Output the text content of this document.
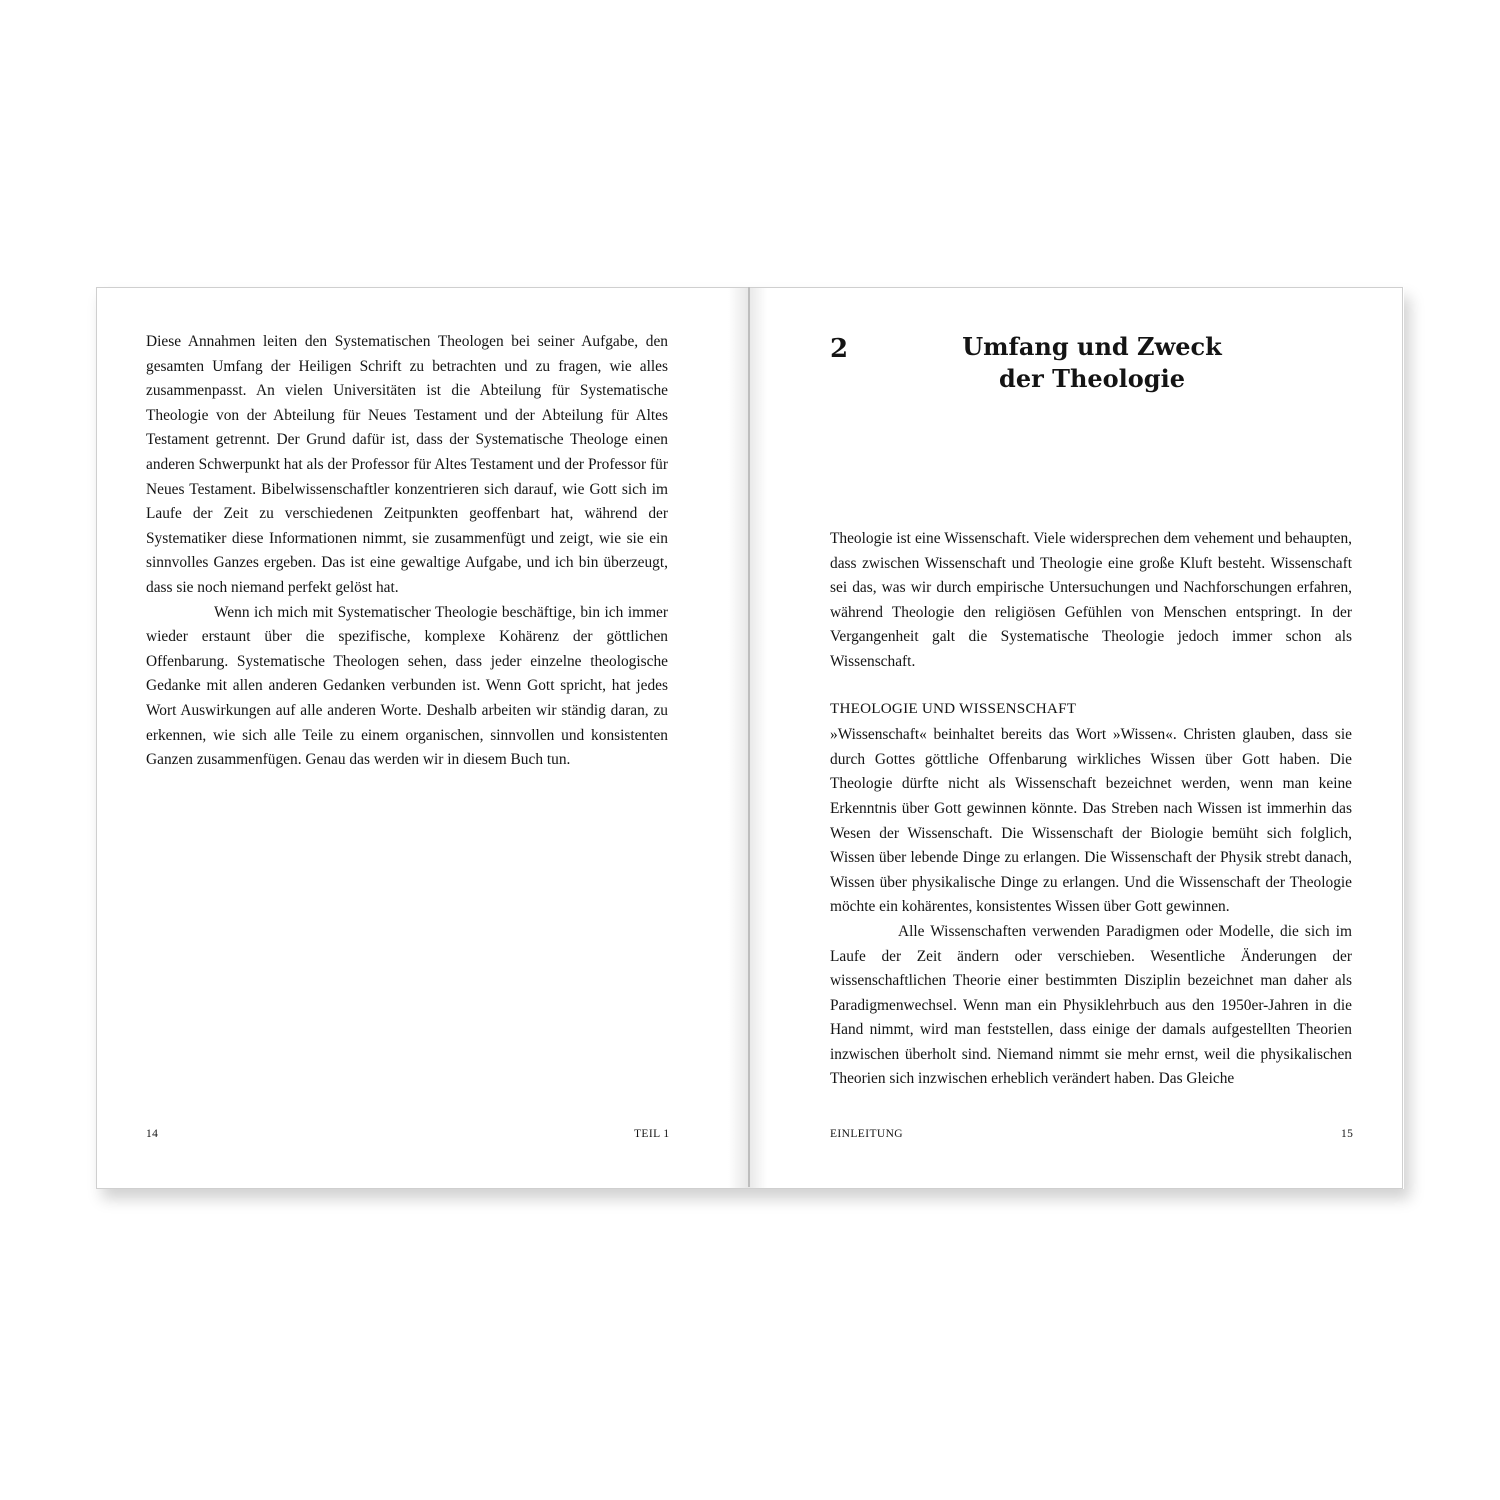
Diese Annahmen leiten den Systematischen Theologen bei seiner Aufgabe, den gesamten Umfang der Heiligen Schrift zu betrachten und zu fragen, wie alles zusammenpasst. An vielen Universitäten ist die Abteilung für Systematische Theologie von der Abteilung für Neues Testament und der Abteilung für Altes Testament getrennt. Der Grund dafür ist, dass der Systematische Theologe einen anderen Schwerpunkt hat als der Professor für Altes Testament und der Professor für Neues Testament. Bibelwissenschaftler konzentrieren sich darauf, wie Gott sich im Laufe der Zeit zu verschiedenen Zeitpunkten geoffenbart hat, während der Systematiker diese Informationen nimmt, sie zusammenfügt und zeigt, wie sie ein sinnvolles Ganzes ergeben. Das ist eine gewaltige Aufgabe, und ich bin überzeugt, dass sie noch niemand perfekt gelöst hat.

Wenn ich mich mit Systematischer Theologie beschäftige, bin ich immer wieder erstaunt über die spezifische, komplexe Kohärenz der göttlichen Offenbarung. Systematische Theologen sehen, dass jeder einzelne theologische Gedanke mit allen anderen Gedanken verbunden ist. Wenn Gott spricht, hat jedes Wort Auswirkungen auf alle anderen Worte. Deshalb arbeiten wir ständig daran, zu erkennen, wie sich alle Teile zu einem organischen, sinnvollen und konsistenten Ganzen zusammenfügen. Genau das werden wir in diesem Buch tun.

14	TEIL 1
2	Umfang und Zweck
der Theologie

Theologie ist eine Wissenschaft. Viele widersprechen dem vehement und behaupten, dass zwischen Wissenschaft und Theologie eine große Kluft besteht. Wissenschaft sei das, was wir durch empirische Untersuchungen und Nachforschungen erfahren, während Theologie den religiösen Gefühlen von Menschen entspringt. In der Vergangenheit galt die Systematische Theologie jedoch immer schon als Wissenschaft.

THEOLOGIE UND WISSENSCHAFT

»Wissenschaft« beinhaltet bereits das Wort »Wissen«. Christen glauben, dass sie durch Gottes göttliche Offenbarung wirkliches Wissen über Gott haben. Die Theologie dürfte nicht als Wissenschaft bezeichnet werden, wenn man keine Erkenntnis über Gott gewinnen könnte. Das Streben nach Wissen ist immerhin das Wesen der Wissenschaft. Die Wissenschaft der Biologie bemüht sich folglich, Wissen über lebende Dinge zu erlangen. Die Wissenschaft der Physik strebt danach, Wissen über physikalische Dinge zu erlangen. Und die Wissenschaft der Theologie möchte ein kohärentes, konsistentes Wissen über Gott gewinnen.

Alle Wissenschaften verwenden Paradigmen oder Modelle, die sich im Laufe der Zeit ändern oder verschieben. Wesentliche Änderungen der wissenschaftlichen Theorie einer bestimmten Disziplin bezeichnet man daher als Paradigmenwechsel. Wenn man ein Physiklehrbuch aus den 1950er-Jahren in die Hand nimmt, wird man feststellen, dass einige der damals aufgestellten Theorien inzwischen überholt sind. Niemand nimmt sie mehr ernst, weil die physikalischen Theorien sich inzwischen erheblich verändert haben. Das Gleiche

EINLEITUNG	15
